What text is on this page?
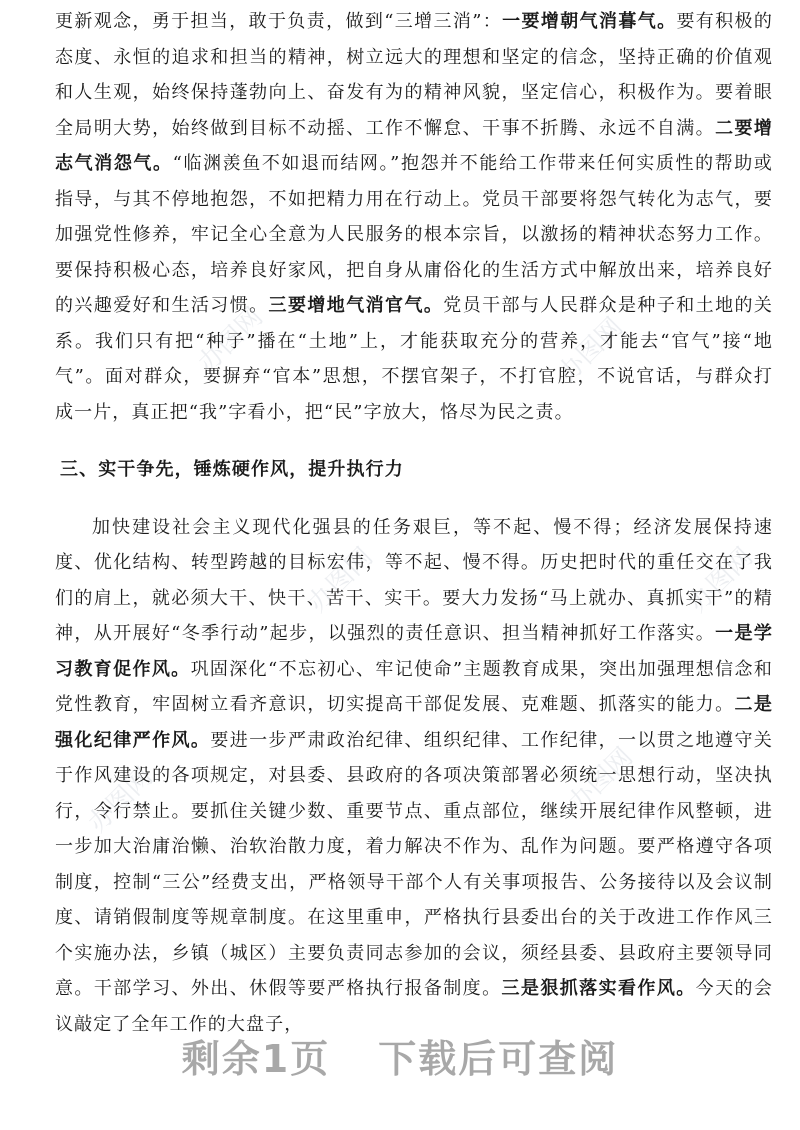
办图网	办图网
办图网
办图网
办图网
办图网

更新观念，勇于担当，敢于负责，做到“三增三消”：一要增朝气消暮气。要有积极的态度、永恒的追求和担当的精神，树立远大的理想和坚定的信念，坚持正确的价值观和人生观，始终保持蓬勃向上、奋发有为的精神风貌，坚定信心，积极作为。要着眼全局明大势，始终做到目标不动摇、工作不懈怠、干事不折腾、永远不自满。二要增志气消怨气。“临渊羡鱼不如退而结网。”抱怨并不能给工作带来任何实质性的帮助或指导，与其不停地抱怨，不如把精力用在行动上。党员干部要将怨气转化为志气，要加强党性修养，牢记全心全意为人民服务的根本宗旨，以激扬的精神状态努力工作。要保持积极心态，培养良好家风，把自身从庸俗化的生活方式中解放出来，培养良好的兴趣爱好和生活习惯。三要增地气消官气。党员干部与人民群众是种子和土地的关系。我们只有把“种子”播在“土地”上，才能获取充分的营养，才能去“官气”接“地气”。面对群众，要摒弃“官本”思想，不摆官架子，不打官腔，不说官话，与群众打成一片，真正把“我”字看小，把“民”字放大，恪尽为民之责。

三、实干争先，锤炼硬作风，提升执行力

加快建设社会主义现代化强县的任务艰巨，等不起、慢不得；经济发展保持速度、优化结构、转型跨越的目标宏伟，等不起、慢不得。历史把时代的重任交在了我们的肩上，就必须大干、快干、苦干、实干。要大力发扬“马上就办、真抓实干”的精神，从开展好“冬季行动”起步，以强烈的责任意识、担当精神抓好工作落实。一是学习教育促作风。巩固深化“不忘初心、牢记使命”主题教育成果，突出加强理想信念和党性教育，牢固树立看齐意识，切实提高干部促发展、克难题、抓落实的能力。二是强化纪律严作风。要进一步严肃政治纪律、组织纪律、工作纪律，一以贯之地遵守关于作风建设的各项规定，对县委、县政府的各项决策部署必须统一思想行动，坚决执行，令行禁止。要抓住关键少数、重要节点、重点部位，继续开展纪律作风整顿，进一步加大治庸治懒、治软治散力度，着力解决不作为、乱作为问题。要严格遵守各项制度，控制“三公”经费支出，严格领导干部个人有关事项报告、公务接待以及会议制度、请销假制度等规章制度。在这里重申，严格执行县委出台的关于改进工作作风三个实施办法，乡镇（城区）主要负责同志参加的会议，须经县委、县政府主要领导同意。干部学习、外出、休假等要严格执行报备制度。三是狠抓落实看作风。今天的会议敲定了全年工作的大盘子，

剩余1页 下载后可查阅
